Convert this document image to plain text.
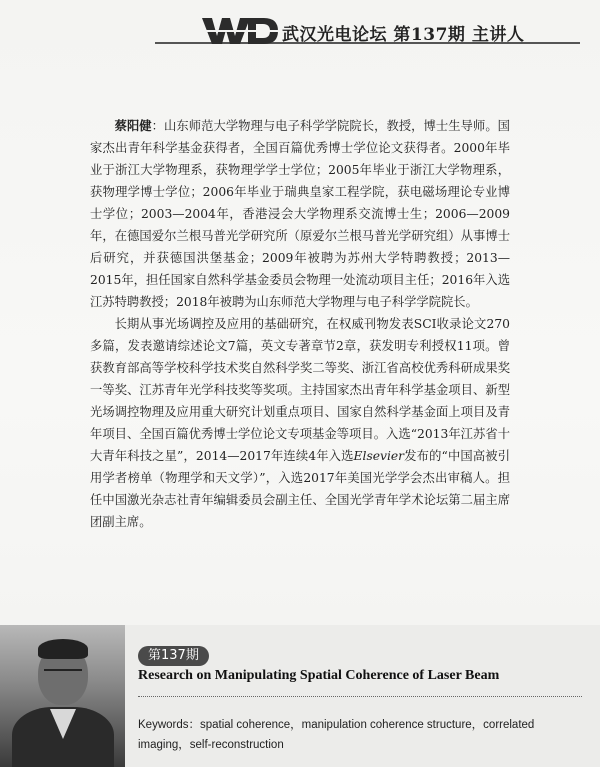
武汉光电论坛 第137期 主讲人

蔡阳健：山东师范大学物理与电子科学学院院长，教授，博士生导师。国家杰出青年科学基金获得者，全国百篇优秀博士学位论文获得者。2000年毕业于浙江大学物理系，获物理学学士学位；2005年毕业于浙江大学物理系，获物理学博士学位；2006年毕业于瑞典皇家工程学院，获电磁场理论专业博士学位；2003—2004年，香港浸会大学物理系交流博士生；2006—2009年，在德国爱尔兰根马普光学研究所（原爱尔兰根马普光学研究组）从事博士后研究，并获德国洪堡基金；2009年被聘为苏州大学特聘教授；2013—2015年，担任国家自然科学基金委员会物理一处流动项目主任；2016年入选江苏特聘教授；2018年被聘为山东师范大学物理与电子科学学院院长。

长期从事光场调控及应用的基础研究，在权威刊物发表SCI收录论文270多篇，发表邀请综述论文7篇，英文专著章节2章，获发明专利授权11项。曾获教育部高等学校科学技术奖自然科学奖二等奖、浙江省高校优秀科研成果奖一等奖、江苏青年光学科技奖等奖项。主持国家杰出青年科学基金项目、新型光场调控物理及应用重大研究计划重点项目、国家自然科学基金面上项目及青年项目、全国百篇优秀博士学位论文专项基金等项目。入选“2013年江苏省十大青年科技之星”，2014—2017年连续4年入选Elsevier发布的“中国高被引用学者榜单（物理学和天文学）”，入选2017年美国光学学会杰出审稿人。担任中国激光杂志社青年编辑委员会副主任、全国光学青年学术论坛第二届主席团副主席。

第137期
Research on Manipulating Spatial Coherence of Laser Beam
Keywords：spatial coherence，manipulation coherence structure，correlated imaging，self-reconstruction
